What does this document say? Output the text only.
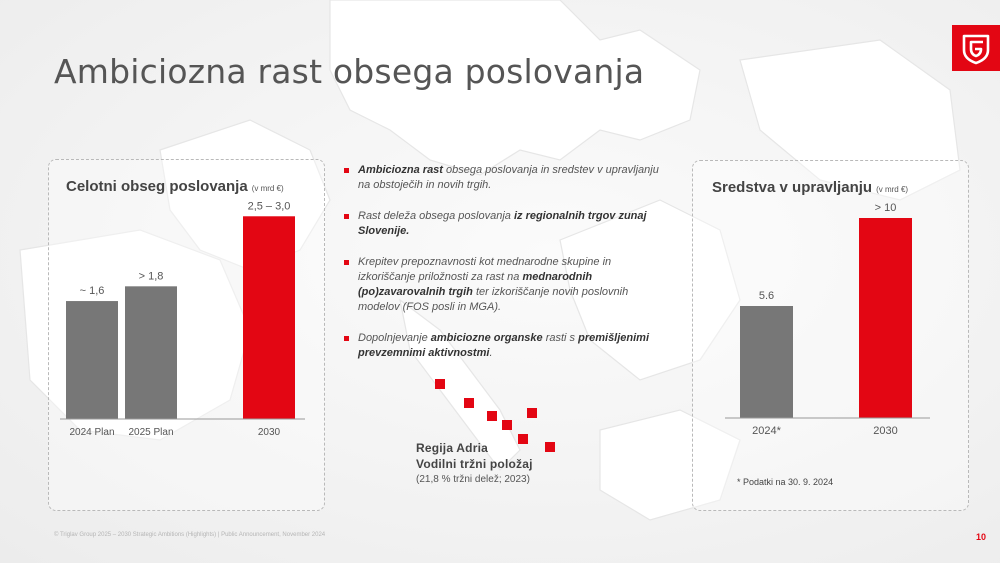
Ambiciozna rast obsega poslovanja
Celotni obseg poslovanja (v mrd €)
~ 1,6
2024 Plan
> 1,8
2025 Plan
2,5 – 3,0
2030
Sredstva v upravljanju (v mrd €)
5.6
2024*
> 10
2030
* Podatki na 30. 9. 2024
Ambiciozna rast obsega poslovanja in sredstev v upravljanju na obstoječih in novih trgih.
Rast deleža obsega poslovanja iz regionalnih trgov zunaj Slovenije.
Krepitev prepoznavnosti kot mednarodne skupine in izkoriščanje priložnosti za rast na mednarodnih (po)zavarovalnih trgih ter izkoriščanje novih poslovnih modelov (FOS posli in MGA).
Dopolnjevanje ambiciozne organske rasti s premišljenimi prevzemnimi aktivnostmi.
Regija Adria
Vodilni tržni položaj
(21,8 % tržni delež; 2023)
© Triglav Group 2025 – 2030 Strategic Ambitions (Highlights) | Public Announcement, November 2024	10
